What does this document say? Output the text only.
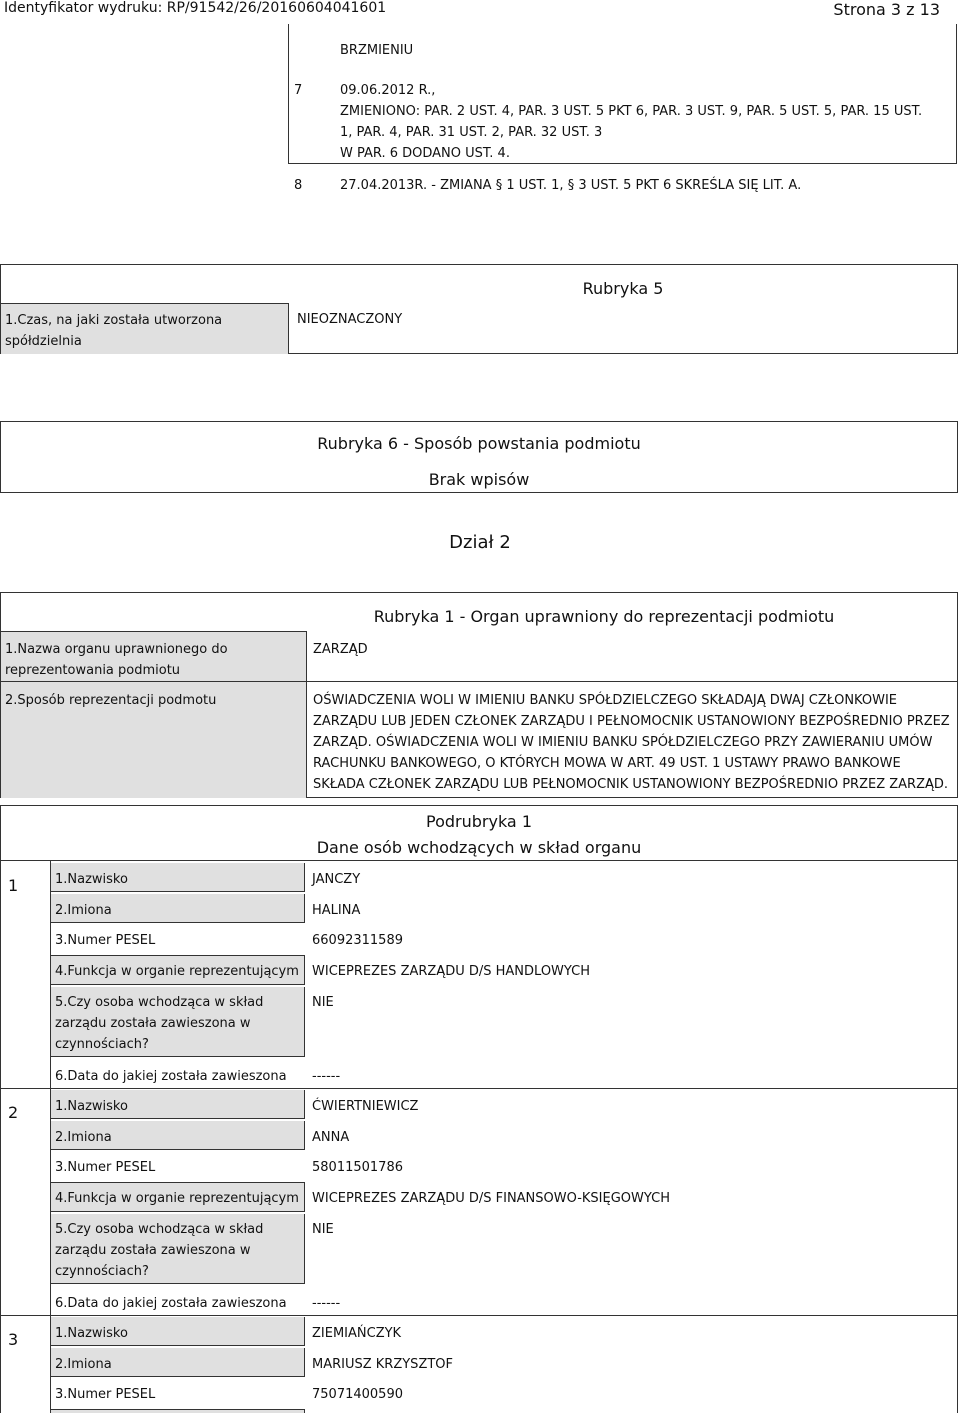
Identyfikator wydruku: RP/91542/26/20160604041601	Strona 3 z 13
BRZMIENIU
7	09.06.2012 R.,
ZMIENIONO: PAR. 2 UST. 4, PAR. 3 UST. 5 PKT 6, PAR. 3 UST. 9, PAR. 5 UST. 5, PAR. 15 UST.
1, PAR. 4, PAR. 31 UST. 2, PAR. 32 UST. 3
W PAR. 6 DODANO UST. 4.
8	27.04.2013R. - ZMIANA § 1 UST. 1, § 3 UST. 5 PKT 6 SKREŚLA SIĘ LIT. A.
Rubryka 5
1.Czas, na jaki została utworzona
spółdzielnia
NIEOZNACZONY
Rubryka 6 - Sposób powstania podmiotu
Brak wpisów
Dział 2
Rubryka 1 - Organ uprawniony do reprezentacji podmiotu
1.Nazwa organu uprawnionego do
reprezentowania podmiotu
ZARZĄD
2.Sposób reprezentacji podmotu	OŚWIADCZENIA WOLI W IMIENIU BANKU SPÓŁDZIELCZEGO SKŁADAJĄ DWAJ CZŁONKOWIE
ZARZĄDU LUB JEDEN CZŁONEK ZARZĄDU I PEŁNOMOCNIK USTANOWIONY BEZPOŚREDNIO PRZEZ
ZARZĄD. OŚWIADCZENIA WOLI W IMIENIU BANKU SPÓŁDZIELCZEGO PRZY ZAWIERANIU UMÓW
RACHUNKU BANKOWEGO, O KTÓRYCH MOWA W ART. 49 UST. 1 USTAWY PRAWO BANKOWE
SKŁADA CZŁONEK ZARZĄDU LUB PEŁNOMOCNIK USTANOWIONY BEZPOŚREDNIO PRZEZ ZARZĄD.
Podrubryka 1
Dane osób wchodzących w skład organu
1	1.Nazwisko	JANCZY
2.Imiona	HALINA
3.Numer PESEL	66092311589
4.Funkcja w organie reprezentującym WICEPREZES ZARZĄDU D/S HANDLOWYCH
5.Czy osoba wchodząca w skład
zarządu została zawieszona w
czynnościach?
NIE
6.Data do jakiej została zawieszona ------
2	1.Nazwisko	ĆWIERTNIEWICZ
2.Imiona	ANNA
3.Numer PESEL	58011501786
4.Funkcja w organie reprezentującym WICEPREZES ZARZĄDU D/S FINANSOWO-KSIĘGOWYCH
5.Czy osoba wchodząca w skład
zarządu została zawieszona w
czynnościach?
NIE
6.Data do jakiej została zawieszona ------
3	1.Nazwisko	ZIEMIAŃCZYK
2.Imiona	MARIUSZ KRZYSZTOF
3.Numer PESEL	75071400590
